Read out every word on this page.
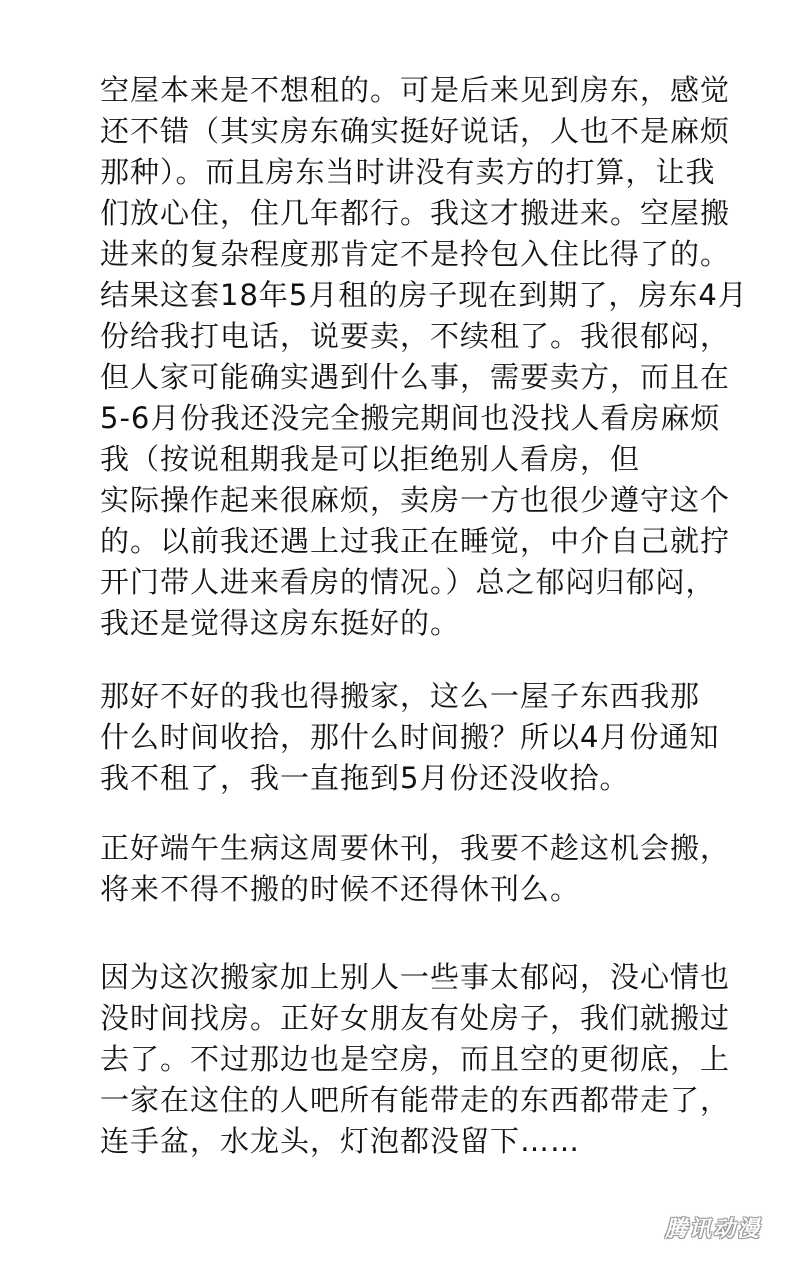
空屋本来是不想租的。可是后来见到房东，感觉
还不错（其实房东确实挺好说话，人也不是麻烦
那种）。而且房东当时讲没有卖方的打算，让我
们放心住，住几年都行。我这才搬进来。空屋搬
进来的复杂程度那肯定不是拎包入住比得了的。
结果这套18年5月租的房子现在到期了，房东4月
份给我打电话，说要卖，不续租了。我很郁闷，
但人家可能确实遇到什么事，需要卖方，而且在
5-6月份我还没完全搬完期间也没找人看房麻烦
我（按说租期我是可以拒绝别人看房，但
实际操作起来很麻烦，卖房一方也很少遵守这个
的。以前我还遇上过我正在睡觉，中介自己就拧
开门带人进来看房的情况。）总之郁闷归郁闷，
我还是觉得这房东挺好的。

那好不好的我也得搬家，这么一屋子东西我那
什么时间收拾，那什么时间搬？所以4月份通知
我不租了，我一直拖到5月份还没收拾。

正好端午生病这周要休刊，我要不趁这机会搬，
将来不得不搬的时候不还得休刊么。

因为这次搬家加上别人一些事太郁闷，没心情也
没时间找房。正好女朋友有处房子，我们就搬过
去了。不过那边也是空房，而且空的更彻底，上
一家在这住的人吧所有能带走的东西都带走了，
连手盆，水龙头，灯泡都没留下……

腾讯动漫
